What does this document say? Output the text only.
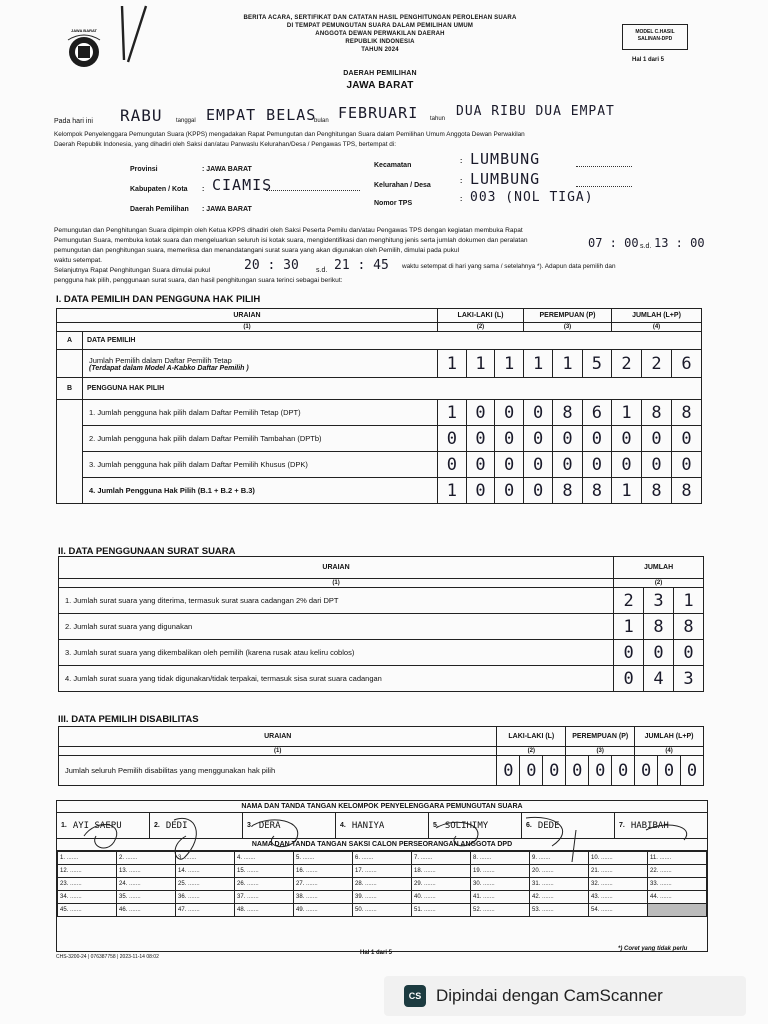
JAWA BARAT
BERITA ACARA, SERTIFIKAT DAN CATATAN HASIL PENGHITUNGAN PEROLEHAN SUARA
DI TEMPAT PEMUNGUTAN SUARA DALAM PEMILIHAN UMUM
ANGGOTA DEWAN PERWAKILAN DAERAH
REPUBLIK INDONESIA
TAHUN 2024
DAERAH PEMILIHAN
JAWA BARAT
MODEL C.HASIL SALINAN-DPD
Hal 1 dari 5
Pada hari ini RABU tanggal EMPAT BELAS
bulan FEBRUARI tahun DUA RIBU DUA EMPAT
Kelompok Penyelenggara Pemungutan Suara (KPPS) mengadakan Rapat Pemungutan dan Penghitungan Suara dalam Pemilihan Umum Anggota Dewan Perwakilan
Daerah Republik Indonesia, yang dihadiri oleh Saksi dan/atau Panwaslu Kelurahan/Desa / Pengawas TPS, bertempat di:
Provinsi	: JAWA BARAT
Kabupaten / Kota : CIAMIS
Daerah Pemilihan : JAWA BARAT
Kecamatan
: LUMBUNG
Kelurahan / Desa
: LUMBUNG
Nomor TPS
: 003 (NOL TIGA)
Pemungutan dan Penghitungan Suara dipimpin oleh Ketua KPPS dihadiri oleh Saksi Peserta Pemilu dan/atau Pengawas TPS dengan kegiatan membuka Rapat
Pemungutan Suara, membuka kotak suara dan mengeluarkan seluruh isi kotak suara, mengidentifikasi dan menghitung jenis serta jumlah dokumen dan peralatan
pemungutan dan penghitungan suara, memeriksa dan menandatangani surat suara yang akan digunakan oleh Pemilih, dimulai pada pukul
07 : 00 s.d. 13 : 00
waktu setempat.
Selanjutnya Rapat Penghitungan Suara dimulai pukul	20 : 30 s.d. 21 : 45 waktu setempat di hari yang sama / setelahnya *). Adapun data pemilih dan
pengguna hak pilih, penggunaan surat suara, dan hasil penghitungan suara terinci sebagai berikut:
I. DATA PEMILIH DAN PENGGUNA HAK PILIH
URAIAN		LAKI-LAKI (L)			PEREMPUAN (P)			JUMLAH (L+P)		
(1)		(2)			(3)			(4)		
A	DATA PEMILIH									

	Jumlah Pemilih dalam Daftar Pemilih Tetap
(Terdapat dalam Model A-Kabko Daftar Pemilih )	1	1	1	1	1	5	2	2	6
B	PENGGUNA HAK PILIH									
	1. Jumlah pengguna hak pilih dalam Daftar Pemilih Tetap (DPT)	1	0	0	0	8	6	1	8	8
	2. Jumlah pengguna hak pilih dalam Daftar Pemilih Tambahan (DPTb)	0	0	0	0	0	0	0	0	0
	3. Jumlah pengguna hak pilih dalam Daftar Pemilih Khusus (DPK)	0	0	0	0	0	0	0	0	0
	4. Jumlah Pengguna Hak Pilih (B.1 + B.2 + B.3)	1	0	0	0	8	8	1	8	8
II. DATA PENGGUNAAN SURAT SUARA
URAIAN	JUMLAH		
(1)	(2)		
1. Jumlah surat suara yang diterima, termasuk surat suara cadangan 2% dari DPT	2	3	1
2. Jumlah surat suara yang digunakan	1	8	8
3. Jumlah surat suara yang dikembalikan oleh pemilih (karena rusak atau keliru coblos)	0	0	0
4. Jumlah surat suara yang tidak digunakan/tidak terpakai, termasuk sisa surat suara cadangan	0	4	3
III. DATA PEMILIH DISABILITAS
URAIAN	LAKI-LAKI (L)			PEREMPUAN (P)			JUMLAH (L+P)		
(1)	(2)			(3)			(4)		
Jumlah seluruh Pemilih disabilitas yang menggunakan hak pilih	0	0	0	0	0	0	0	0	0
NAMA DAN TANDA TANGAN KELOMPOK PENYELENGGARA PEMUNGUTAN SUARA
1. AYI SAEPU	2. DEDI	3. DERA	4. HANIYA	5. SOLIHIMY	6. DEDE	7. HABIBAH
NAMA DAN TANDA TANGAN SAKSI CALON PERSEORANGAN ANGGOTA DPD
1. .......	2. .......	3. .......	4. .......	5. .......	6. .......	7. .......	8. .......	9. .......	10. .......	11. .......
12. .......	13. .......	14. .......	15. .......	16. .......	17. .......	18. .......	19. .......	20. .......	21. .......	22. .......
23. .......	24. .......	25. .......	26. .......	27. .......	28. .......	29. .......	30. .......	31. .......	32. .......	33. .......
34. .......	35. .......	36. .......	37. .......	38. .......	39. .......	40. .......	41. .......	42. .......	43. .......	44. .......
45. .......	46. .......	47. .......	48. .......	49. .......	50. .......	51. .......	52. .......	53. .......	54. .......	
CHS-3200-24 | 076387758 | 2023-11-14 08:02
Hal 1 dari 5
*) Coret yang tidak perlu
CS Dipindai dengan CamScanner
